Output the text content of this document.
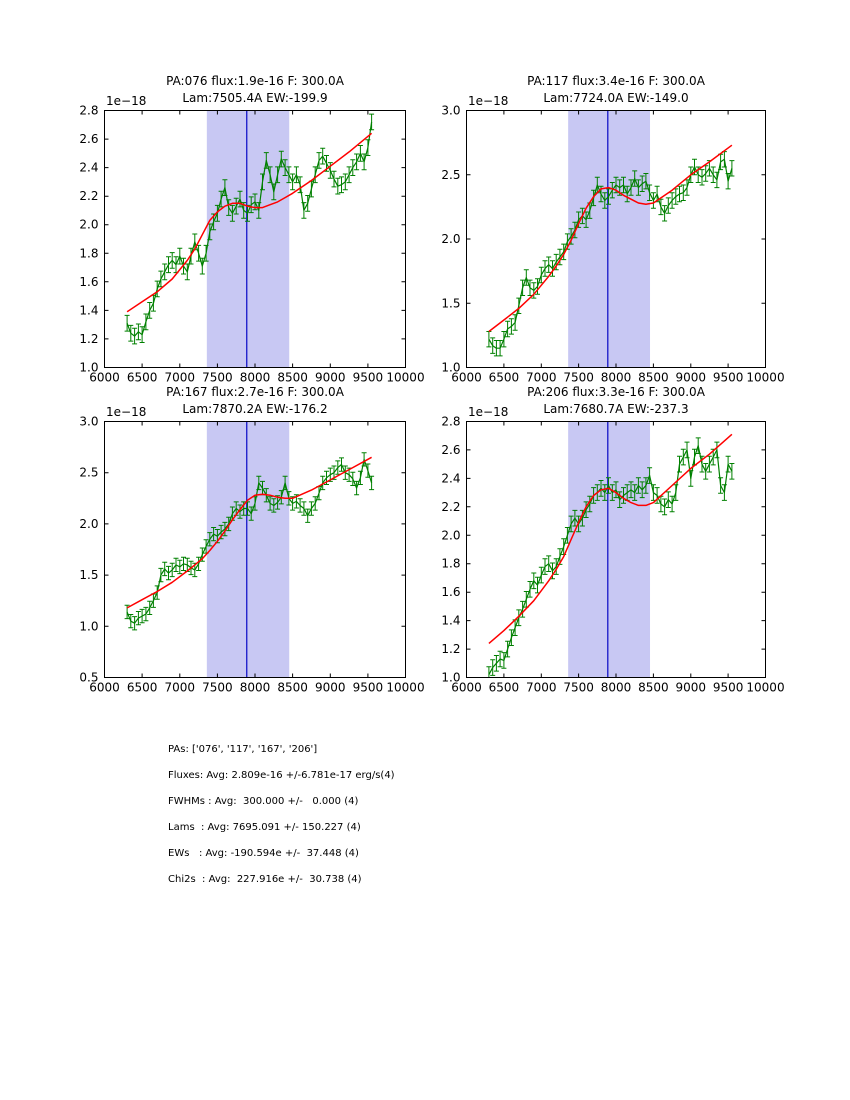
6000 6500 7000 7500 8000 8500 9000 9500 10000
1.0
1.2
1.4
1.6
1.8
2.0
2.2
2.4
2.6
2.8
6000 6500 7000 7500 8000 8500 9000 9500 10000
1.0
1.5
2.0
2.5
3.0
6000 6500 7000 7500 8000 8500 9000 9500 10000
0.5
1.0
1.5
2.0
2.5
3.0
6000 6500 7000 7500 8000 8500 9000 9500 10000
1.0
1.2
1.4
1.6
1.8
2.0
2.2
2.4
2.6
2.8
PA:076 flux:1.9e-16 F: 300.0A
Lam:7505.4A EW:-199.9
1e−18
PA:117 flux:3.4e-16 F: 300.0A
Lam:7724.0A EW:-149.0
1e−18
PA:167 flux:2.7e-16 F: 300.0A
Lam:7870.2A EW:-176.2
1e−18
PA:206 flux:3.3e-16 F: 300.0A
Lam:7680.7A EW:-237.3
1e−18
PAs: ['076', '117', '167', '206']
Fluxes: Avg: 2.809e-16 +/-6.781e-17 erg/s(4)
FWHMs : Avg:  300.000 +/-   0.000 (4)
Lams  : Avg: 7695.091 +/- 150.227 (4)
EWs   : Avg: -190.594e +/-  37.448 (4)
Chi2s  : Avg:  227.916e +/-  30.738 (4)
